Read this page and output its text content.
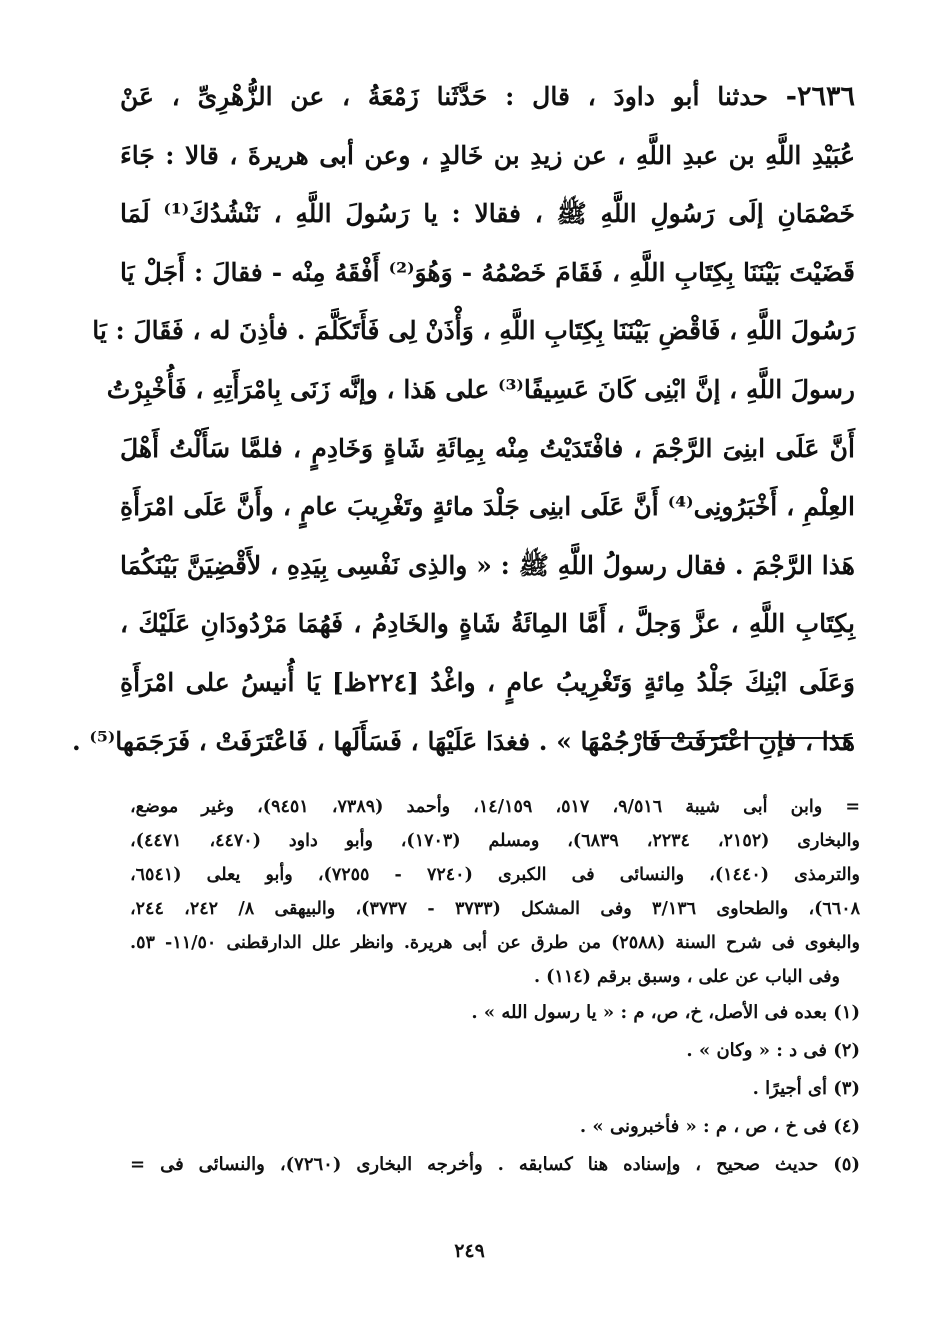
٢٦٣٦- حدثنا أبو داودَ ، قال : حَدَّثَنا زَمْعَةُ ، عن الزُّهْرِىِّ ، عَنْ
عُبَيْدِ اللَّهِ بن عبدِ اللَّهِ ، عن زيدِ بن خَالدٍ ، وعن أبى هريرةَ ، قالا : جَاءَ
خَصْمَانِ إلَى رَسُولِ اللَّهِ ﷺ ، فقالا : يا رَسُولَ اللَّهِ ، نَنْشُدُكَ⁽¹⁾ لَمَا
قَضَيْتَ بَيْنَنَا بِكِتَابِ اللَّهِ ، فَقَامَ خَصْمُهُ - وَهُوَ⁽²⁾ أَفْقَهُ مِنْه - فقالَ : أَجَلْ يَا
رَسُولَ اللَّهِ ، فَاقْضِ بَيْنَنَا بِكِتَابِ اللَّهِ ، وَأْذَنْ لِى فَأَتَكَلَّمَ . فأذِنَ له ، فَقَالَ : يَا
رسولَ اللَّهِ ، إنَّ ابْنِى كَانَ عَسِيفًا⁽³⁾ على هَذا ، وإنَّه زَنَى بِامْرَأَتِهِ ، فَأُخْبِرْتُ
أَنَّ عَلَى ابنِىَ الرَّجْمَ ، فافْتَدَيْتُ مِنْه بِمِائَةِ شَاةٍ وَخَادِمٍ ، فلمَّا سَأَلْتُ أَهْلَ
العِلْمِ ، أَخْبَرُونِى⁽⁴⁾ أَنَّ عَلَى ابنِى جَلْدَ مائةٍ وتَغْرِيبَ عامٍ ، وأَنَّ عَلَى امْرَأَةِ
هَذا الرَّجْمَ . فقال رسولُ اللَّهِ ﷺ : « والذِى نَفْسِى بِيَدِهِ ، لأَقْضِيَنَّ بَيْنَكُمَا
بِكِتَابِ اللَّهِ ، عزَّ وَجلَّ ، أَمَّا المِائَةُ شَاةٍ والخَادِمُ ، فَهُمَا مَرْدُودَانِ عَلَيْكَ ،
وَعَلَى ابْنِكَ جَلْدُ مِائةٍ وَتَغْرِيبُ عامٍ ، واغْدُ [٢٢٤ظ] يَا أُنيسُ على امْرَأَةِ
هَذا ، فإنِ اعْتَرَفَتْ فَارْجُمْهَا » . فغدَا عَلَيْهَا ، فَسَأَلَها ، فَاعْتَرَفَتْ ، فَرَجَمَها⁽⁵⁾ .
= وابن أبى شيبة ٩/٥١٦، ٥١٧، ١٤/١٥٩، وأحمد (٧٣٨٩، ٩٤٥١)، وغير موضع،
والبخارى (٢١٥٢، ٢٢٣٤، ٦٨٣٩)، ومسلم (١٧٠٣)، وأبو داود (٤٤٧٠، ٤٤٧١)،
والترمذى (١٤٤٠)، والنسائى فى الكبرى (٧٢٤٠ - ٧٢٥٥)، وأبو يعلى (٦٥٤١،
٦٦٠٨)، والطحاوى ٣/١٣٦ وفى المشكل (٣٧٣٣ - ٣٧٣٧)، والبيهقى ٨/ ٢٤٢، ٢٤٤،
والبغوى فى شرح السنة (٢٥٨٨) من طرق عن أبى هريرة. وانظر علل الدارقطنى ١١/٥٠- ٥٣.
وفى الباب عن على ، وسبق برقم (١١٤) .
(١) بعده فى الأصل، خ، ص، م : « يا رسول الله » .
(٢) فى د : « وكان » .
(٣) أى أجيرًا .
(٤) فى خ ، ص ، م : « فأخبرونى » .
(٥) حديث صحيح ، وإسناده هنا كسابقه . وأخرجه البخارى (٧٢٦٠)، والنسائى فى =
٢٤٩
